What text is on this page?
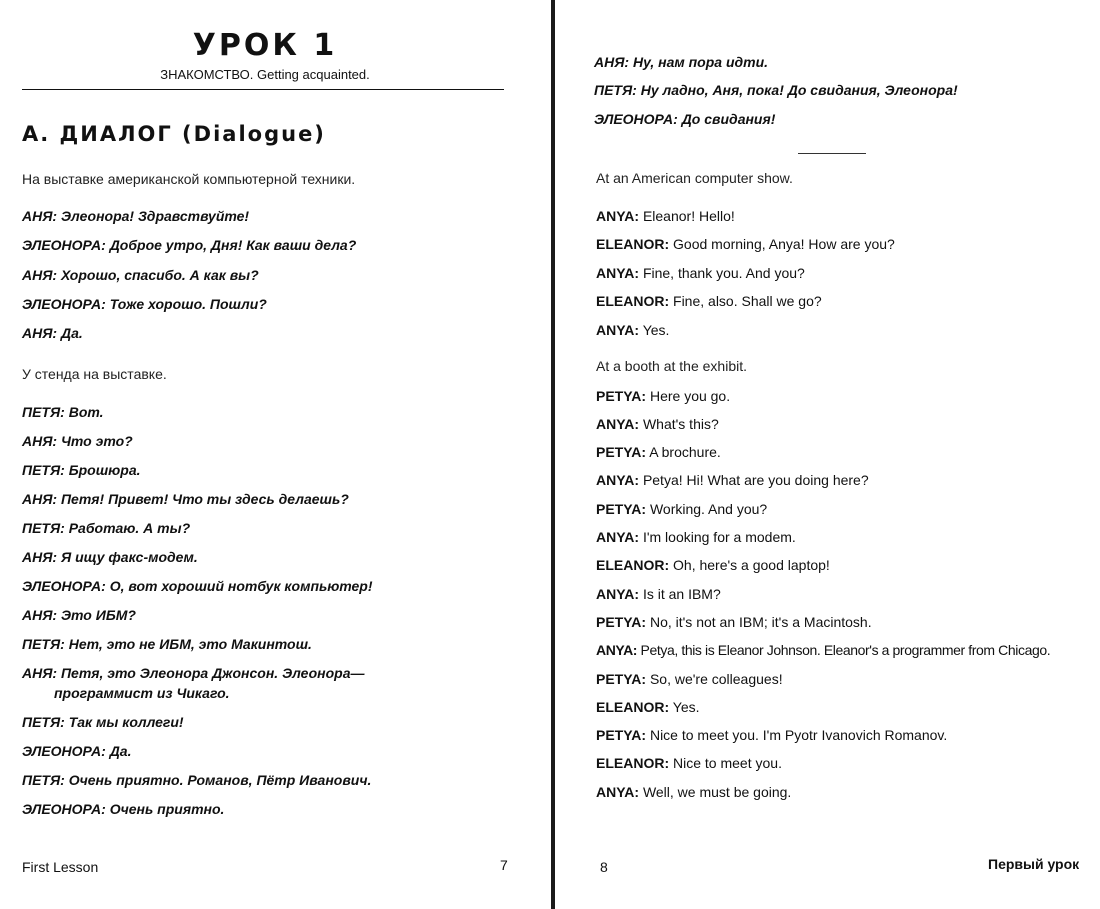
УРОК 1
ЗНАКОМСТВО. Getting acquainted.
А. ДИАЛОГ (Dialogue)
На выставке американской компьютерной техники.
АНЯ: Элеонора! Здравствуйте!
ЭЛЕОНОРА: Доброе утро, Дня! Как ваши дела?
АНЯ: Хорошо, спасибо. А как вы?
ЭЛЕОНОРА: Тоже хорошо. Пошли?
АНЯ: Да.
У стенда на выставке.
ПЕТЯ: Вот.
АНЯ: Что это?
ПЕТЯ: Брошюра.
АНЯ: Петя! Привет! Что ты здесь делаешь?
ПЕТЯ: Работаю. А ты?
АНЯ: Я ищу факс-модем.
ЭЛЕОНОРА: О, вот хороший нотбук компьютер!
АНЯ: Это ИБМ?
ПЕТЯ: Нет, это не ИБМ, это Макинтош.
АНЯ: Петя, это Элеонора Джонсон. Элеонора—
программист из Чикаго.
ПЕТЯ: Так мы коллеги!
ЭЛЕОНОРА: Да.
ПЕТЯ: Очень приятно. Романов, Пётр Иванович.
ЭЛЕОНОРА: Очень приятно.
First Lesson	7
АНЯ: Ну, нам пора идти.
ПЕТЯ: Ну ладно, Аня, пока! До свидания, Элеонора!
ЭЛЕОНОРА: До свидания!
At an American computer show.
ANYA: Eleanor! Hello!
ELEANOR: Good morning, Anya! How are you?
ANYA: Fine, thank you. And you?
ELEANOR: Fine, also. Shall we go?
ANYA: Yes.
At a booth at the exhibit.
PETYA: Here you go.
ANYA: What's this?
PETYA: A brochure.
ANYA: Petya! Hi! What are you doing here?
PETYA: Working. And you?
ANYA: I'm looking for a modem.
ELEANOR: Oh, here's a good laptop!
ANYA: Is it an IBM?
PETYA: No, it's not an IBM; it's a Macintosh.
ANYA: Petya, this is Eleanor Johnson. Eleanor's a programmer from Chicago.
PETYA: So, we're colleagues!
ELEANOR: Yes.
PETYA: Nice to meet you. I'm Pyotr Ivanovich Romanov.
ELEANOR: Nice to meet you.
ANYA: Well, we must be going.
8	Первый урок
